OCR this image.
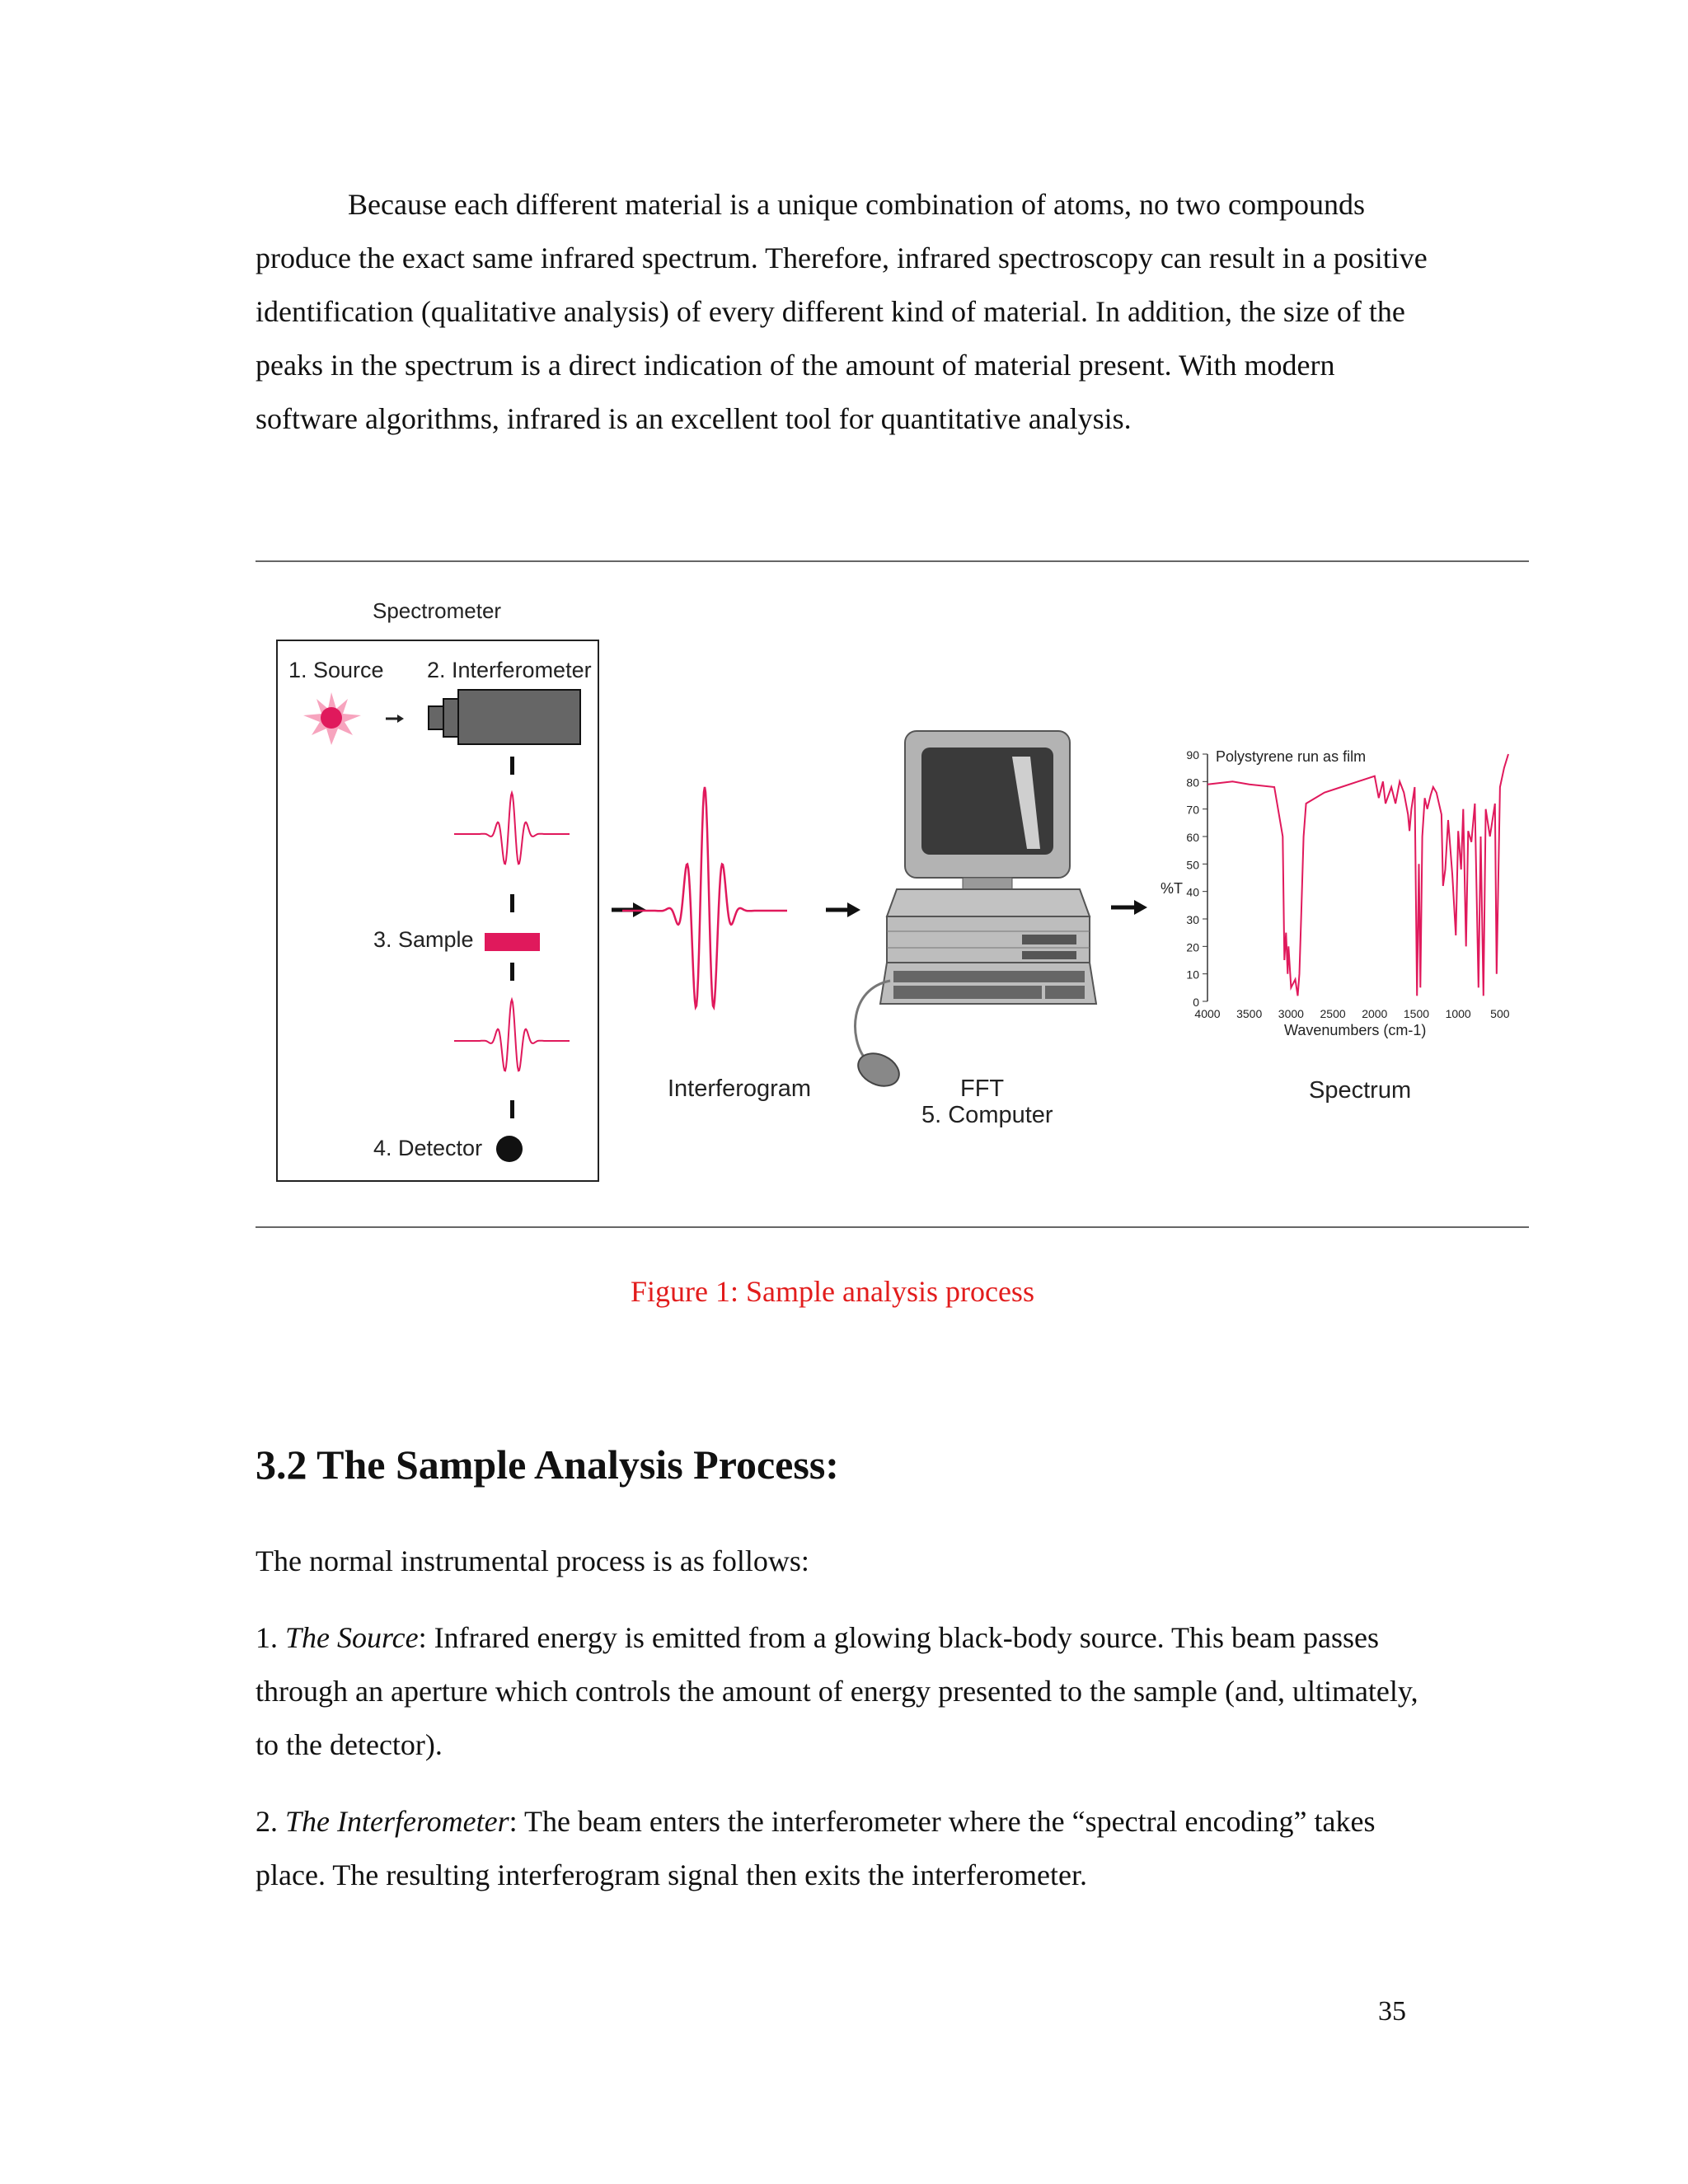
Because each different material is a unique combination of atoms, no two compounds produce the exact same infrared spectrum. Therefore, infrared spectroscopy can result in a positive identification (qualitative analysis) of every different kind of material. In addition, the size of the peaks in the spectrum is a direct indication of the amount of material present. With modern software algorithms, infrared is an excellent tool for quantitative analysis.

Spectrometer
1. Source 2. Interferometer
3. Sample
4. Detector
Interferogram	FFT
5. Computer
0
10
20
30
40
50
60
70
80
90
4000 3500 3000 2500 2000 1500 1000 500
Polystyrene run as film
%T
Wavenumbers (cm-1)
Spectrum

Figure 1: Sample analysis process

3.2 The Sample Analysis Process:

The normal instrumental process is as follows:

1. The Source: Infrared energy is emitted from a glowing black-body source. This beam passes through an aperture which controls the amount of energy presented to the sample (and, ultimately, to the detector).

2. The Interferometer: The beam enters the interferometer where the “spectral encoding” takes place. The resulting interferogram signal then exits the interferometer.

35
